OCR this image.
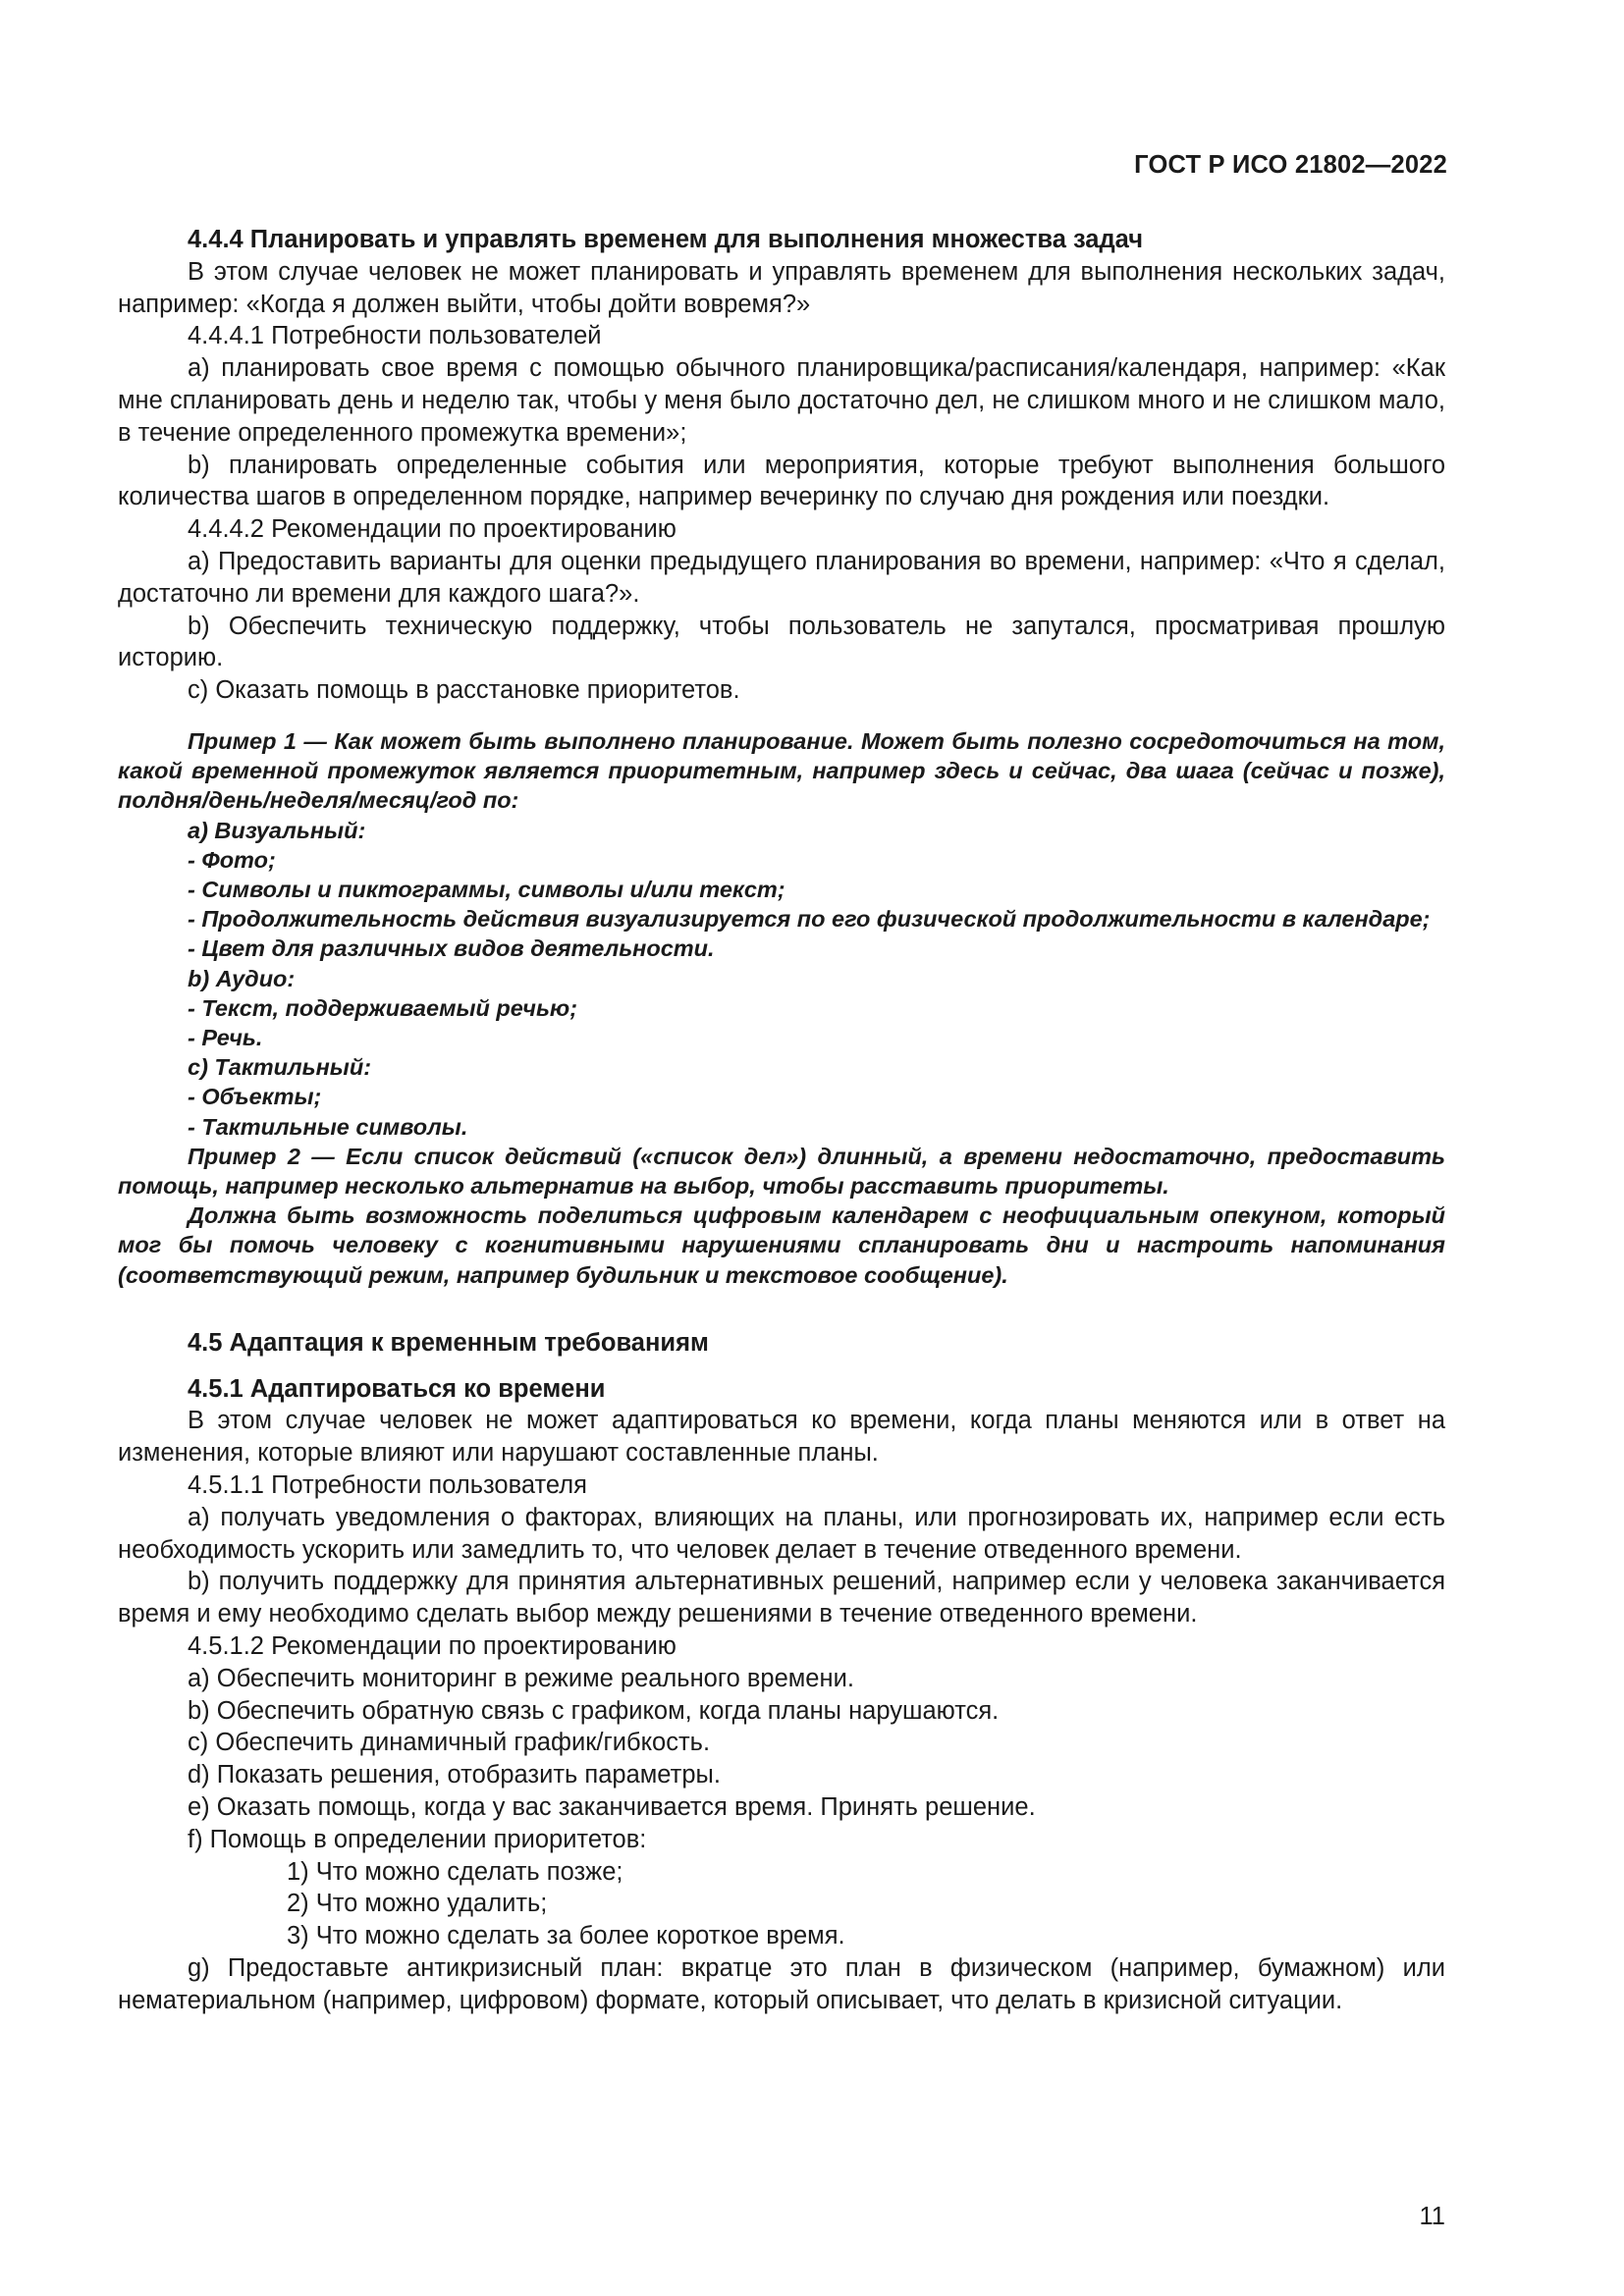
ГОСТ Р ИСО 21802—2022

4.4.4 Планировать и управлять временем для выполнения множества задач

В этом случае человек не может планировать и управлять временем для выполнения нескольких задач, например: «Когда я должен выйти, чтобы дойти вовремя?»

4.4.4.1 Потребности пользователей

а) планировать свое время с помощью обычного планировщика/расписания/календаря, например: «Как мне спланировать день и неделю так, чтобы у меня было достаточно дел, не слишком много и не слишком мало, в течение определенного промежутка времени»;

b) планировать определенные события или мероприятия, которые требуют выполнения большого количества шагов в определенном порядке, например вечеринку по случаю дня рождения или поездки.

4.4.4.2 Рекомендации по проектированию

а) Предоставить варианты для оценки предыдущего планирования во времени, например: «Что я сделал, достаточно ли времени для каждого шага?».

b) Обеспечить техническую поддержку, чтобы пользователь не запутался, просматривая прошлую историю.

с) Оказать помощь в расстановке приоритетов.

Пример 1 — Как может быть выполнено планирование. Может быть полезно сосредоточиться на том, какой временной промежуток является приоритетным, например здесь и сейчас, два шага (сейчас и позже), полдня/день/неделя/месяц/год по:

а) Визуальный:

- Фото;

- Символы и пиктограммы, символы и/или текст;

- Продолжительность действия визуализируется по его физической продолжительности в календаре;

- Цвет для различных видов деятельности.

b) Аудио:

- Текст, поддерживаемый речью;

- Речь.

с) Тактильный:

- Объекты;

- Тактильные символы.

Пример 2 — Если список действий («список дел») длинный, а времени недостаточно, предоставить помощь, например несколько альтернатив на выбор, чтобы расставить приоритеты.

Должна быть возможность поделиться цифровым календарем с неофициальным опекуном, который мог бы помочь человеку с когнитивными нарушениями спланировать дни и настроить напоминания (соответствующий режим, например будильник и текстовое сообщение).

4.5 Адаптация к временным требованиям

4.5.1 Адаптироваться ко времени

В этом случае человек не может адаптироваться ко времени, когда планы меняются или в ответ на изменения, которые влияют или нарушают составленные планы.

4.5.1.1 Потребности пользователя

а) получать уведомления о факторах, влияющих на планы, или прогнозировать их, например если есть необходимость ускорить или замедлить то, что человек делает в течение отведенного времени.

b) получить поддержку для принятия альтернативных решений, например если у человека заканчивается время и ему необходимо сделать выбор между решениями в течение отведенного времени.

4.5.1.2 Рекомендации по проектированию

а) Обеспечить мониторинг в режиме реального времени.

b) Обеспечить обратную связь с графиком, когда планы нарушаются.

с) Обеспечить динамичный график/гибкость.

d) Показать решения, отобразить параметры.

е) Оказать помощь, когда у вас заканчивается время. Принять решение.

f) Помощь в определении приоритетов:

1) Что можно сделать позже;

2) Что можно удалить;

3) Что можно сделать за более короткое время.

g) Предоставьте антикризисный план: вкратце это план в физическом (например, бумажном) или нематериальном (например, цифровом) формате, который описывает, что делать в кризисной ситуации.

11
